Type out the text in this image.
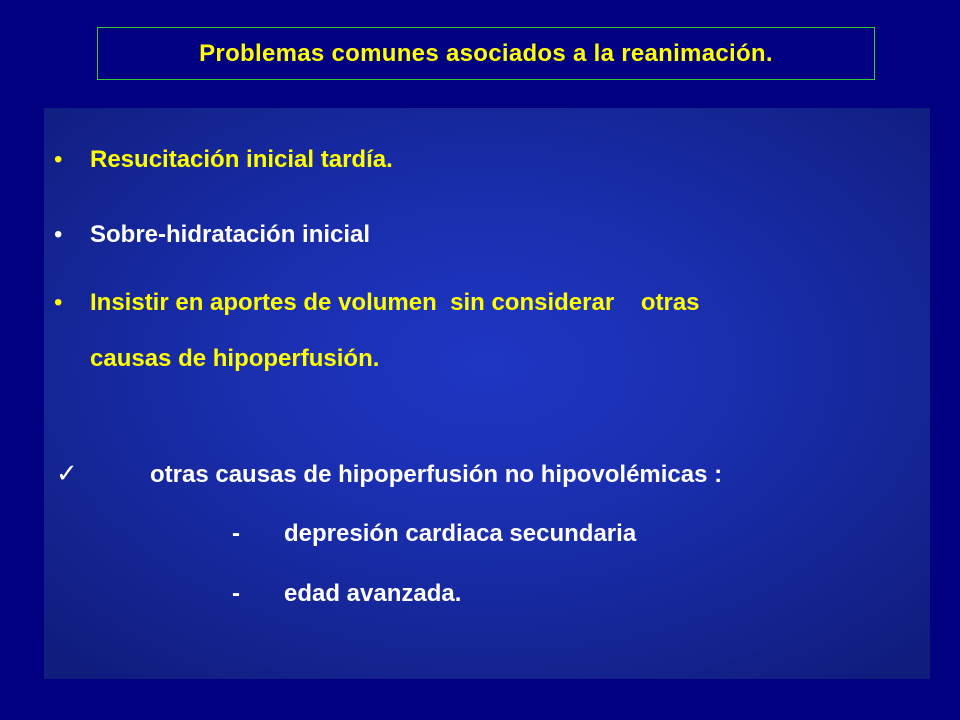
Problemas comunes asociados a la reanimación.
• Resucitación inicial tardía.
• Sobre-hidratación inicial
• Insistir en aportes de volumen  sin considerar    otras
causas de hipoperfusión.
✓	otras causas de hipoperfusión no hipovolémicas :
- depresión cardiaca secundaria
- edad avanzada.
